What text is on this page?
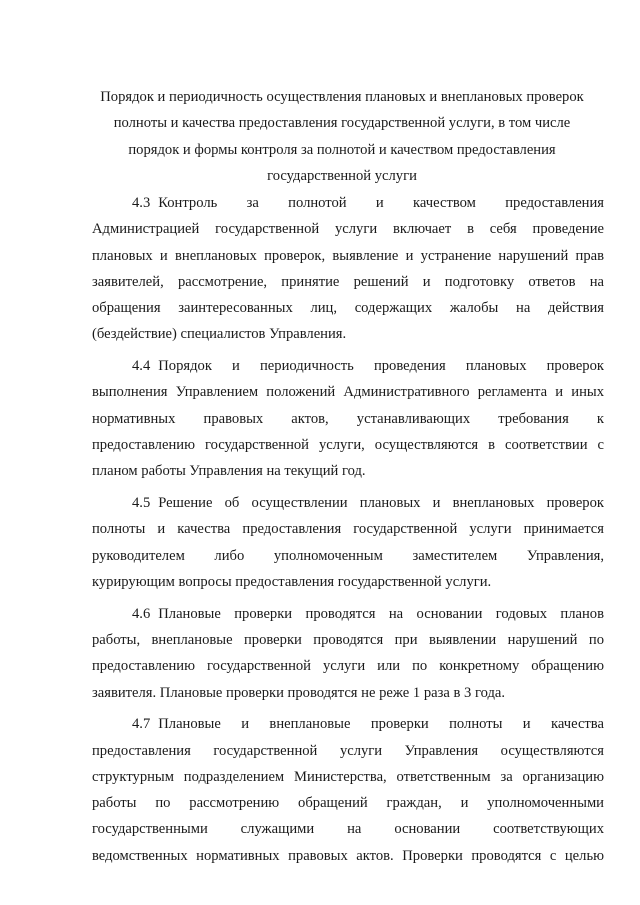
Порядок и периодичность осуществления плановых и внеплановых проверок
полноты и качества предоставления государственной услуги, в том числе
порядок и формы контроля за полнотой и качеством предоставления
государственной услуги

4.3 Контроль за полнотой и качеством предоставления
Администрацией государственной услуги включает в себя проведение
плановых и внеплановых проверок, выявление и устранение нарушений прав
заявителей, рассмотрение, принятие решений и подготовку ответов на
обращения заинтересованных лиц, содержащих жалобы на действия
(бездействие) специалистов Управления.

4.4 Порядок и периодичность проведения плановых проверок
выполнения Управлением положений Административного регламента и иных
нормативных правовых актов, устанавливающих требования к
предоставлению государственной услуги, осуществляются в соответствии с
планом работы Управления на текущий год.

4.5 Решение об осуществлении плановых и внеплановых проверок
полноты и качества предоставления государственной услуги принимается
руководителем либо уполномоченным заместителем Управления,
курирующим вопросы предоставления государственной услуги.

4.6 Плановые проверки проводятся на основании годовых планов
работы, внеплановые проверки проводятся при выявлении нарушений по
предоставлению государственной услуги или по конкретному обращению
заявителя. Плановые проверки проводятся не реже 1 раза в 3 года.

4.7 Плановые и внеплановые проверки полноты и качества
предоставления государственной услуги Управления осуществляются
структурным подразделением Министерства, ответственным за организацию
работы по рассмотрению обращений граждан, и уполномоченными
государственными служащими на основании соответствующих
ведомственных нормативных правовых актов. Проверки проводятся с целью
